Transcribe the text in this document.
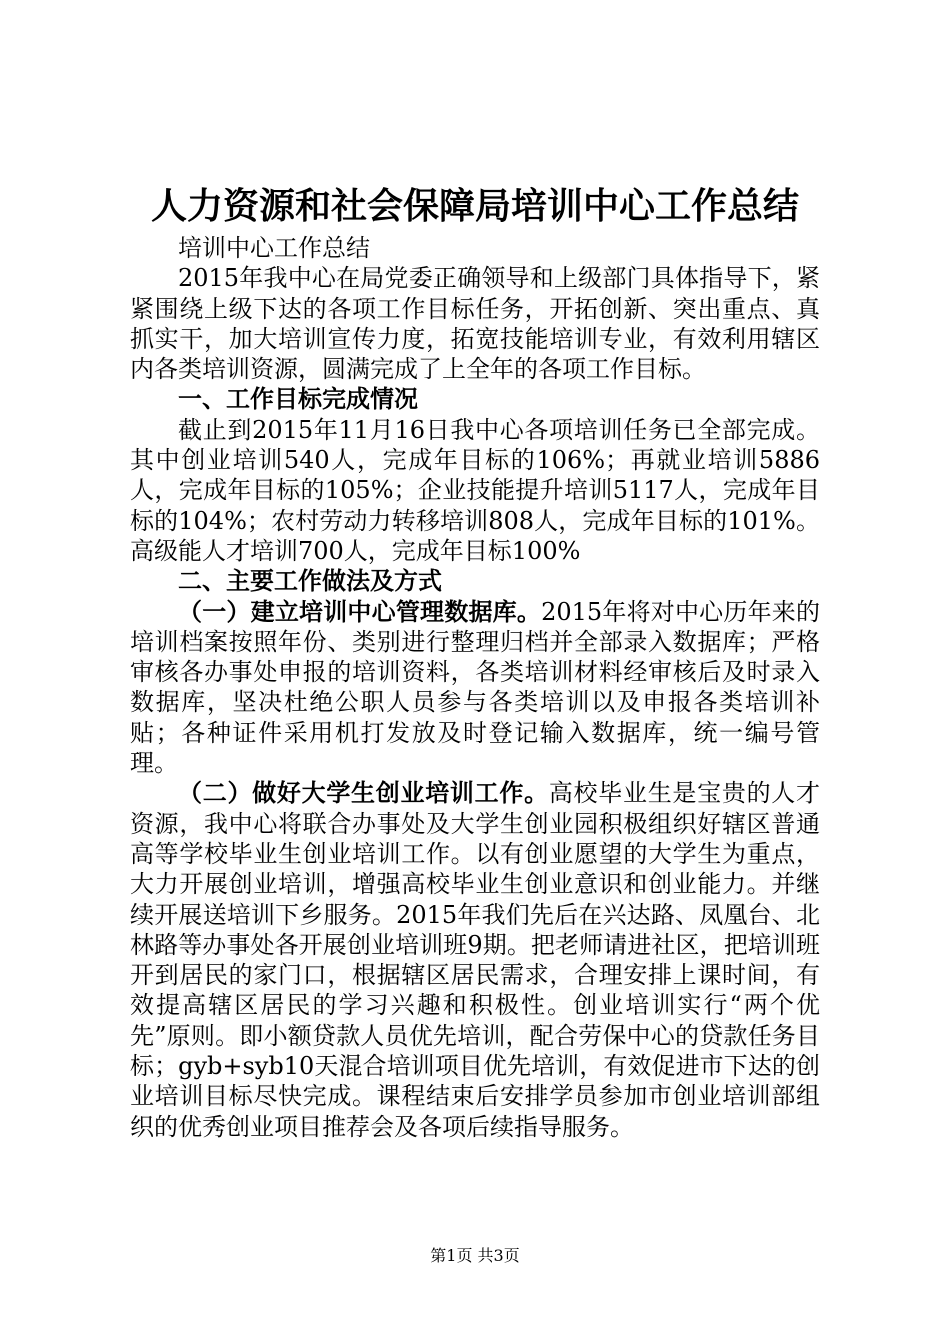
人力资源和社会保障局培训中心工作总结

培训中心工作总结

2015年我中心在局党委正确领导和上级部门具体指导下，紧紧围绕上级下达的各项工作目标任务，开拓创新、突出重点、真抓实干，加大培训宣传力度，拓宽技能培训专业，有效利用辖区内各类培训资源，圆满完成了上全年的各项工作目标。

一、工作目标完成情况

截止到2015年11月16日我中心各项培训任务已全部完成。其中创业培训540人，完成年目标的106%；再就业培训5886人，完成年目标的105%；企业技能提升培训5117人，完成年目标的104%；农村劳动力转移培训808人，完成年目标的101%。高级能人才培训700人，完成年目标100%

二、主要工作做法及方式

（一）建立培训中心管理数据库。2015年将对中心历年来的培训档案按照年份、类别进行整理归档并全部录入数据库；严格审核各办事处申报的培训资料，各类培训材料经审核后及时录入数据库，坚决杜绝公职人员参与各类培训以及申报各类培训补贴；各种证件采用机打发放及时登记输入数据库，统一编号管理。

（二）做好大学生创业培训工作。高校毕业生是宝贵的人才资源，我中心将联合办事处及大学生创业园积极组织好辖区普通高等学校毕业生创业培训工作。以有创业愿望的大学生为重点，大力开展创业培训，增强高校毕业生创业意识和创业能力。并继续开展送培训下乡服务。2015年我们先后在兴达路、凤凰台、北林路等办事处各开展创业培训班9期。把老师请进社区，把培训班开到居民的家门口，根据辖区居民需求，合理安排上课时间，有效提高辖区居民的学习兴趣和积极性。创业培训实行“两个优先”原则。即小额贷款人员优先培训，配合劳保中心的贷款任务目标；gyb+syb10天混合培训项目优先培训，有效促进市下达的创业培训目标尽快完成。课程结束后安排学员参加市创业培训部组织的优秀创业项目推荐会及各项后续指导服务。

第1页 共3页
